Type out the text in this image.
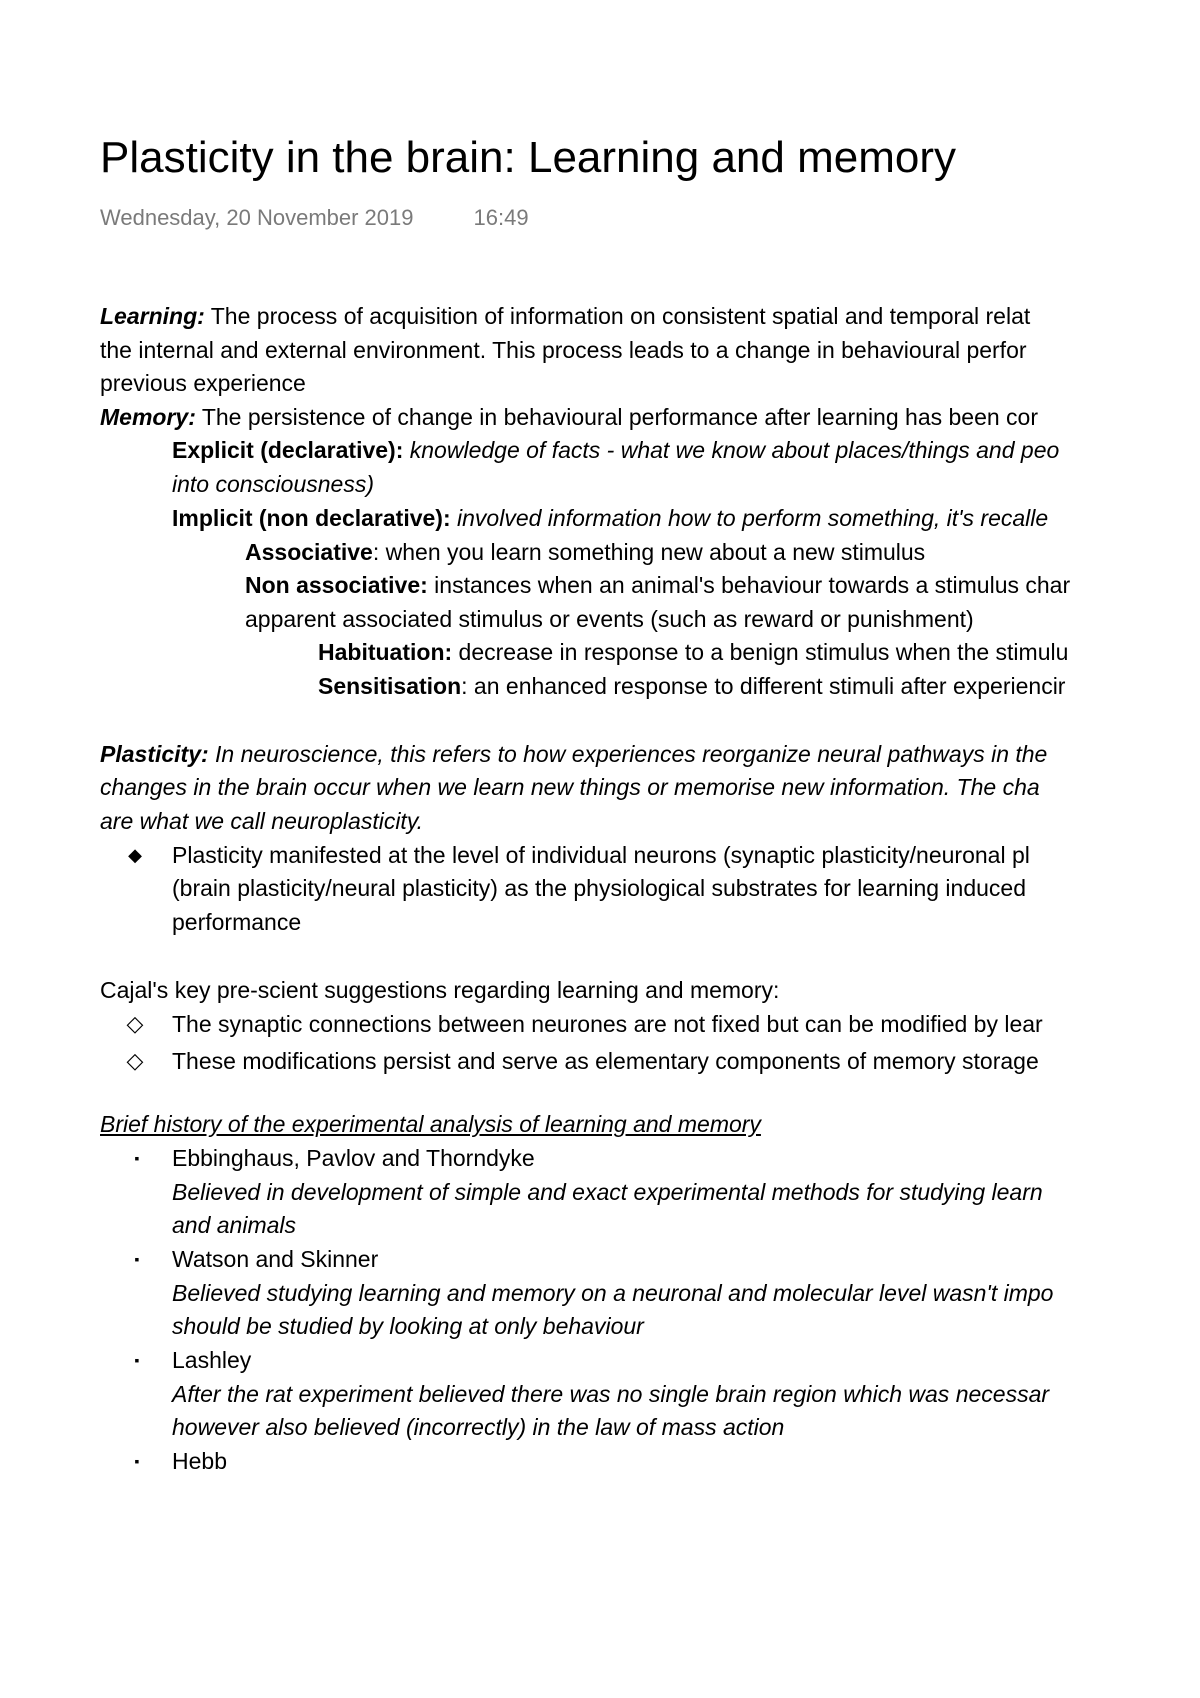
Plasticity in the brain: Learning and memory
Wednesday, 20 November 2019	16:49
Learning: The process of acquisition of information on consistent spatial and temporal relat
the internal and external environment. This process leads to a change in behavioural perfor
previous experience
Memory: The persistence of change in behavioural performance after learning has been cor
Explicit (declarative): knowledge of facts - what we know about places/things and peo
into consciousness)
Implicit (non declarative): involved information how to perform something, it's recalle
Associative: when you learn something new about a new stimulus
Non associative: instances when an animal's behaviour towards a stimulus char
apparent associated stimulus or events (such as reward or punishment)
Habituation: decrease in response to a benign stimulus when the stimulu
Sensitisation: an enhanced response to different stimuli after experiencir
Plasticity: In neuroscience, this refers to how experiences reorganize neural pathways in the
changes in the brain occur when we learn new things or memorise new information. The cha
are what we call neuroplasticity.
◆	Plasticity manifested at the level of individual neurons (synaptic plasticity/neuronal pl
(brain plasticity/neural plasticity) as the physiological substrates for learning induced
performance
Cajal's key pre-scient suggestions regarding learning and memory:
◇ The synaptic connections between neurones are not fixed but can be modified by lear
◇ These modifications persist and serve as elementary components of memory storage
Brief history of the experimental analysis of learning and memory
▪	Ebbinghaus, Pavlov and Thorndyke
Believed in development of simple and exact experimental methods for studying learn
and animals
▪	Watson and Skinner
Believed studying learning and memory on a neuronal and molecular level wasn't impo
should be studied by looking at only behaviour
▪	Lashley
After the rat experiment believed there was no single brain region which was necessar
however also believed (incorrectly) in the law of mass action
▪	Hebb
